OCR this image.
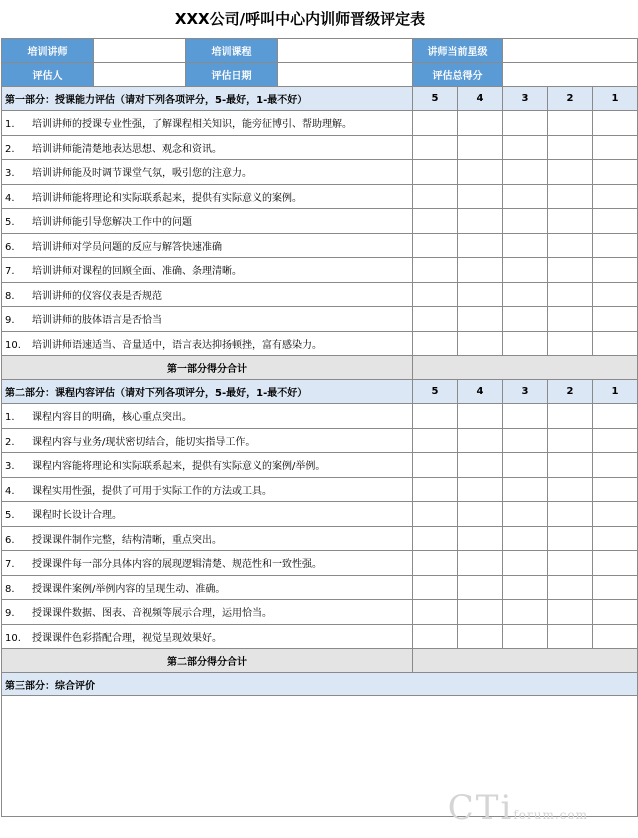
XXX公司/呼叫中心内训师晋级评定表
培训讲师		培训课程		讲师当前星级				
评估人		评估日期		评估总得分				
第一部分：授课能力评估（请对下列各项评分，5-最好，1-最不好）				5	4	3	2	1
1. 培训讲师的授课专业性强，了解课程相关知识，能旁征博引、帮助理解。								
2. 培训讲师能清楚地表达思想、观念和资讯。								
3. 培训讲师能及时调节课堂气氛，吸引您的注意力。								
4. 培训讲师能将理论和实际联系起来，提供有实际意义的案例。								
5. 培训讲师能引导您解决工作中的问题								
6. 培训讲师对学员问题的反应与解答快速准确								
7. 培训讲师对课程的回顾全面、准确、条理清晰。								
8. 培训讲师的仪容仪表是否规范								
9. 培训讲师的肢体语言是否恰当								
10. 培训讲师语速适当、音量适中，语言表达抑扬顿挫，富有感染力。								
第一部分得分合计								
第二部分：课程内容评估（请对下列各项评分，5-最好，1-最不好）				5	4	3	2	1
1. 课程内容目的明确，核心重点突出。								
2. 课程内容与业务/现状密切结合，能切实指导工作。								
3. 课程内容能将理论和实际联系起来，提供有实际意义的案例/举例。								
4. 课程实用性强，提供了可用于实际工作的方法或工具。								
5. 课程时长设计合理。								
6. 授课课件制作完整，结构清晰，重点突出。								
7. 授课课件每一部分具体内容的展现逻辑清楚、规范性和一致性强。								
8. 授课课件案例/举例内容的呈现生动、准确。								
9. 授课课件数据、图表、音视频等展示合理，运用恰当。								
10. 授课课件色彩搭配合理，视觉呈现效果好。								
第二部分得分合计								
第三部分：综合评价								

CTiforum.com
